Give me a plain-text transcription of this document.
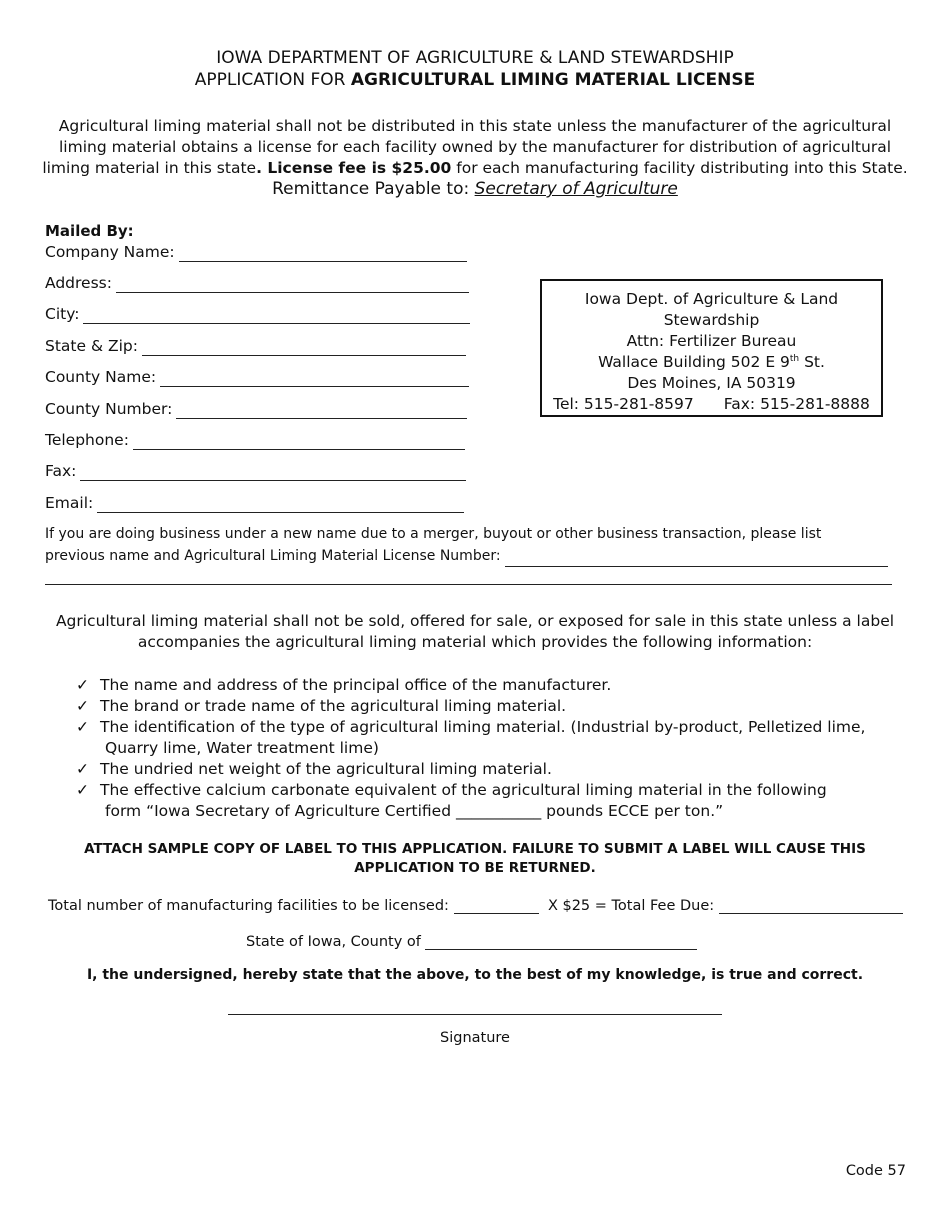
IOWA DEPARTMENT OF AGRICULTURE & LAND STEWARDSHIP
APPLICATION FOR AGRICULTURAL LIMING MATERIAL LICENSE
Agricultural liming material shall not be distributed in this state unless the manufacturer of the agricultural liming material obtains a license for each facility owned by the manufacturer for distribution of agricultural liming material in this state. License fee is $25.00 for each manufacturing facility distributing into this State. Remittance Payable to: Secretary of Agriculture
Mailed By:
Company Name:
Address:
City:
State & Zip:
County Name:
County Number:
Telephone:
Fax:
Email:
Iowa Dept. of Agriculture & Land
Stewardship
Attn: Fertilizer Bureau
Wallace Building 502 E 9th St.
Des Moines, IA 50319
Tel: 515-281-8597 Fax: 515-281-8888
If you are doing business under a new name due to a merger, buyout or other business transaction, please list
previous name and Agricultural Liming Material License Number:
Agricultural liming material shall not be sold, offered for sale, or exposed for sale in this state unless a label accompanies the agricultural liming material which provides the following information:
✓ The name and address of the principal office of the manufacturer.
✓ The brand or trade name of the agricultural liming material.
✓ The identification of the type of agricultural liming material. (Industrial by-product, Pelletized lime,
Quarry lime, Water treatment lime)
✓ The undried net weight of the agricultural liming material.
✓ The effective calcium carbonate equivalent of the agricultural liming material in the following
form “Iowa Secretary of Agriculture Certified ___________ pounds ECCE per ton.”
ATTACH SAMPLE COPY OF LABEL TO THIS APPLICATION. FAILURE TO SUBMIT A LABEL WILL CAUSE THIS APPLICATION TO BE RETURNED.
Total number of manufacturing facilities to be licensed:	X $25 = Total Fee Due:
State of Iowa, County of
I, the undersigned, hereby state that the above, to the best of my knowledge, is true and correct.
Signature
Code 57
